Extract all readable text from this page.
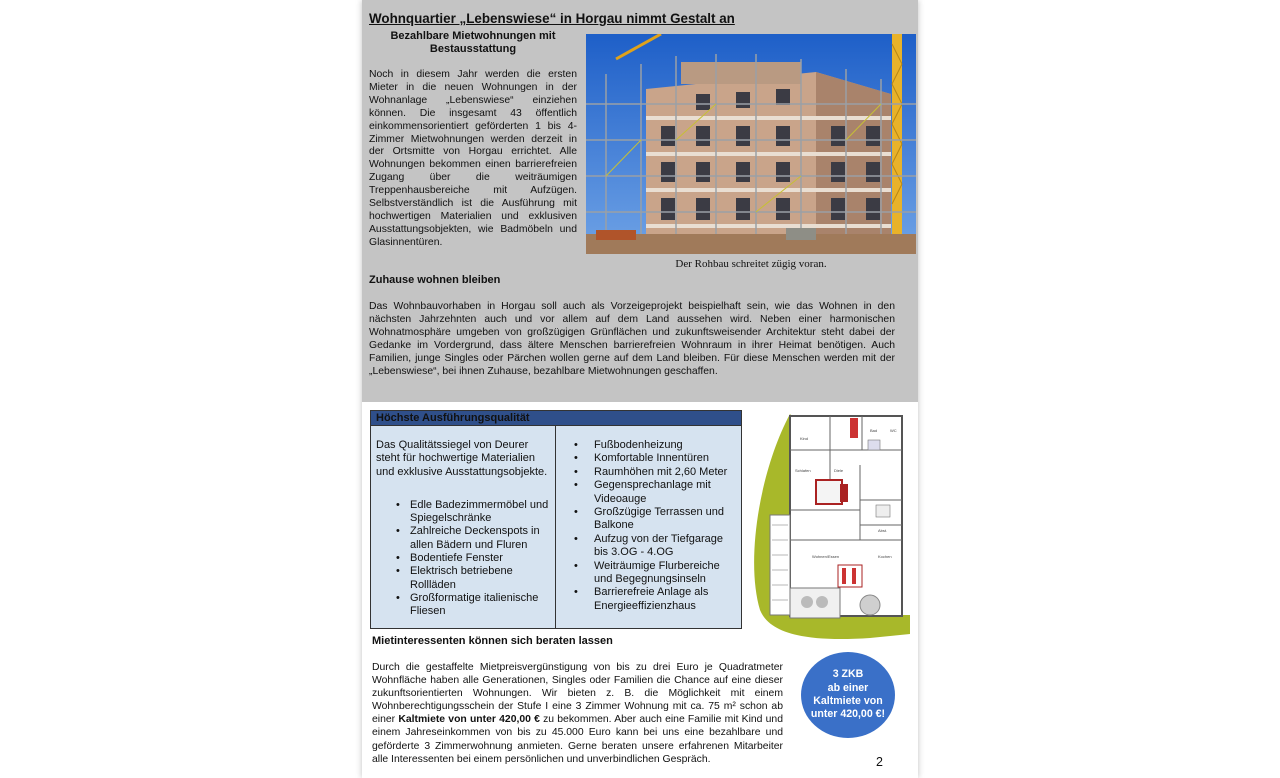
Wohnquartier „Lebenswiese“ in Horgau nimmt Gestalt an
Bezahlbare Mietwohnungen mit Bestausstattung

Noch in diesem Jahr werden die ersten Mieter in die neuen Wohnungen in der Wohnanlage „Lebenswiese“ einziehen können. Die insgesamt 43 öffentlich einkommensorientiert geförderten 1 bis 4- Zimmer Mietwohnungen werden derzeit in der Ortsmitte von Horgau errichtet. Alle Wohnungen bekommen einen barrierefreien Zugang über die weiträumigen Treppenhausbereiche mit Aufzügen. Selbstverständlich ist die Ausführung mit hochwertigen Materialien und exklusiven Ausstattungsobjekten, wie Badmöbeln und Glasinnentüren.

Der Rohbau schreitet zügig voran.
Zuhause wohnen bleiben

Das Wohnbauvorhaben in Horgau soll auch als Vorzeigeprojekt beispielhaft sein, wie das Wohnen in den nächsten Jahrzehnten auch und vor allem auf dem Land aussehen wird. Neben einer harmonischen Wohnatmosphäre umgeben von großzügigen Grünflächen und zukunftsweisender Architektur steht dabei der Gedanke im Vordergrund, dass ältere Menschen barrierefreien Wohnraum in ihrer Heimat benötigen. Auch Familien, junge Singles oder Pärchen wollen gerne auf dem Land bleiben. Für diese Menschen werden mit der „Lebenswiese“, bei ihnen Zuhause, bezahlbare Mietwohnungen geschaffen.

Höchste Ausführungsqualität
Das Qualitätssiegel von Deurer steht für hochwertige Materialien und exklusive Ausstattungsobjekte.
• Edle Badezimmermöbel und Spiegelschränke
• Zahlreiche Deckenspots in allen Bädern und Fluren
• Bodentiefe Fenster
• Elektrisch betriebene Rollläden
• Großformatige italienische Fliesen
• Fußbodenheizung
• Komfortable Innentüren
• Raumhöhen mit 2,60 Meter
• Gegensprechanlage mit Videoauge
• Großzügige Terrassen und Balkone
• Aufzug von der Tiefgarage bis 3.OG - 4.OG
• Weiträumige Flurbereiche und Begegnungsinseln
• Barrierefreie Anlage als Energieeffizienzhaus
Kind
Bad	WC
Schlafen	Diele
Abst.
Wohnen/Essen	Kochen
Mietinteressenten können sich beraten lassen

Durch die gestaffelte Mietpreisvergünstigung von bis zu drei Euro je Quadratmeter Wohnfläche haben alle Generationen, Singles oder Familien die Chance auf eine dieser zukunftsorientierten Wohnungen. Wir bieten z. B. die Möglichkeit mit einem Wohnberechtigungsschein der Stufe I eine 3 Zimmer Wohnung mit ca. 75 m² schon ab einer Kaltmiete von unter 420,00 € zu bekommen. Aber auch eine Familie mit Kind und einem Jahreseinkommen von bis zu 45.000 Euro kann bei uns eine bezahlbare und geförderte 3 Zimmerwohnung anmieten. Gerne beraten unsere erfahrenen Mitarbeiter alle Interessenten bei einem persönlichen und unverbindlichen Gespräch.

3 ZKB
ab einer
Kaltmiete von
unter 420,00 €!
2
